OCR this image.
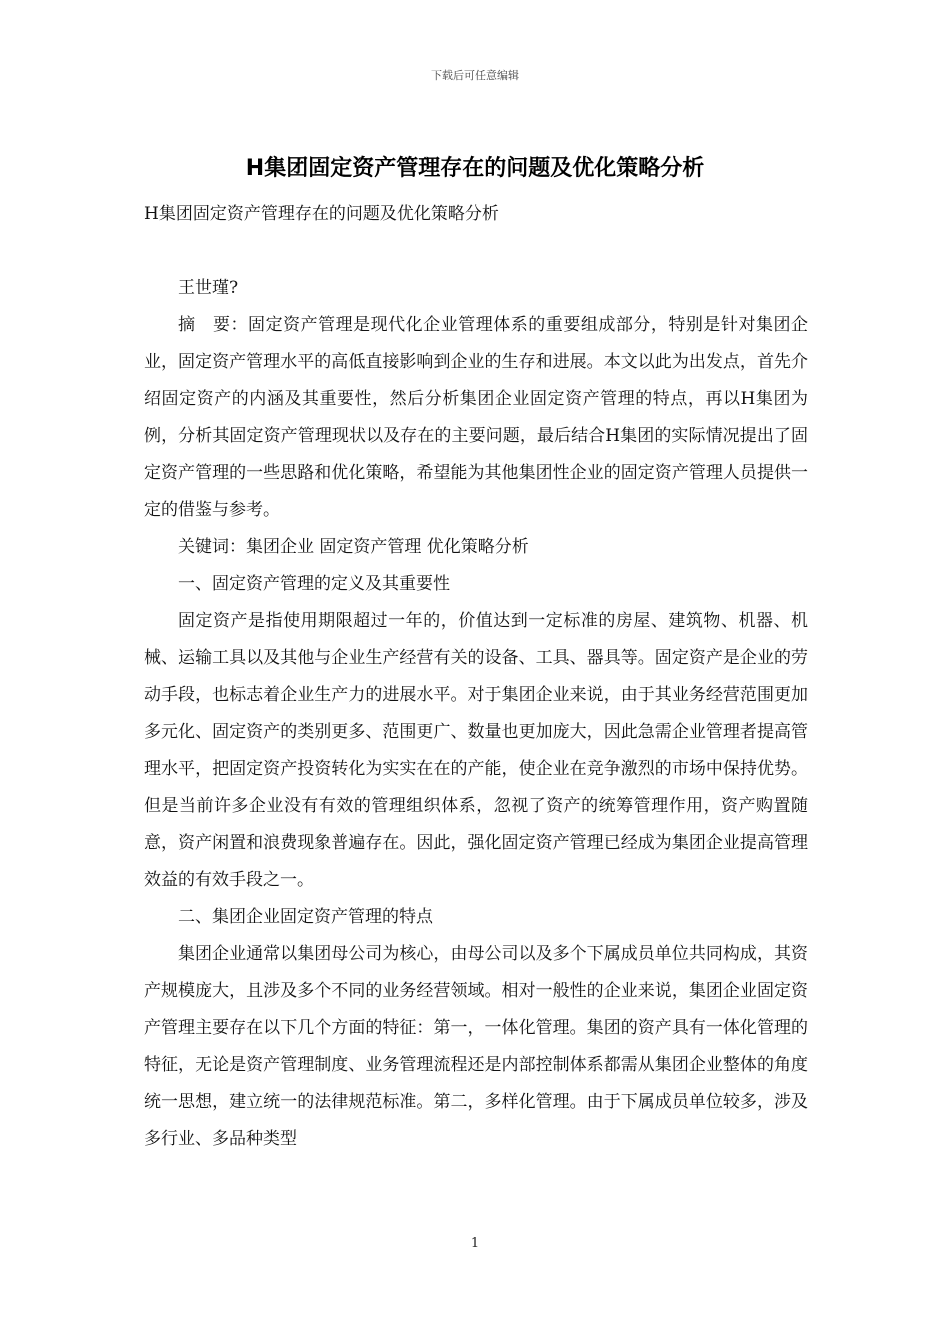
下载后可任意编辑
H集团固定资产管理存在的问题及优化策略分析

H集团固定资产管理存在的问题及优化策略分析

王世瑾?

摘　要：固定资产管理是现代化企业管理体系的重要组成部分，特别是针对集团企业，固定资产管理水平的高低直接影响到企业的生存和进展。本文以此为出发点，首先介绍固定资产的内涵及其重要性，然后分析集团企业固定资产管理的特点，再以H集团为例，分析其固定资产管理现状以及存在的主要问题，最后结合H集团的实际情况提出了固定资产管理的一些思路和优化策略，希望能为其他集团性企业的固定资产管理人员提供一定的借鉴与参考。

关键词：集团企业 固定资产管理 优化策略分析

一、固定资产管理的定义及其重要性

固定资产是指使用期限超过一年的，价值达到一定标准的房屋、建筑物、机器、机械、运输工具以及其他与企业生产经营有关的设备、工具、器具等。固定资产是企业的劳动手段，也标志着企业生产力的进展水平。对于集团企业来说，由于其业务经营范围更加多元化、固定资产的类别更多、范围更广、数量也更加庞大，因此急需企业管理者提高管理水平，把固定资产投资转化为实实在在的产能，使企业在竞争激烈的市场中保持优势。但是当前许多企业没有有效的管理组织体系，忽视了资产的统筹管理作用，资产购置随意，资产闲置和浪费现象普遍存在。因此，强化固定资产管理已经成为集团企业提高管理效益的有效手段之一。

二、集团企业固定资产管理的特点

集团企业通常以集团母公司为核心，由母公司以及多个下属成员单位共同构成，其资产规模庞大，且涉及多个不同的业务经营领域。相对一般性的企业来说，集团企业固定资产管理主要存在以下几个方面的特征：第一，一体化管理。集团的资产具有一体化管理的特征，无论是资产管理制度、业务管理流程还是内部控制体系都需从集团企业整体的角度统一思想，建立统一的法律规范标准。第二，多样化管理。由于下属成员单位较多，涉及多行业、多品种类型

1
